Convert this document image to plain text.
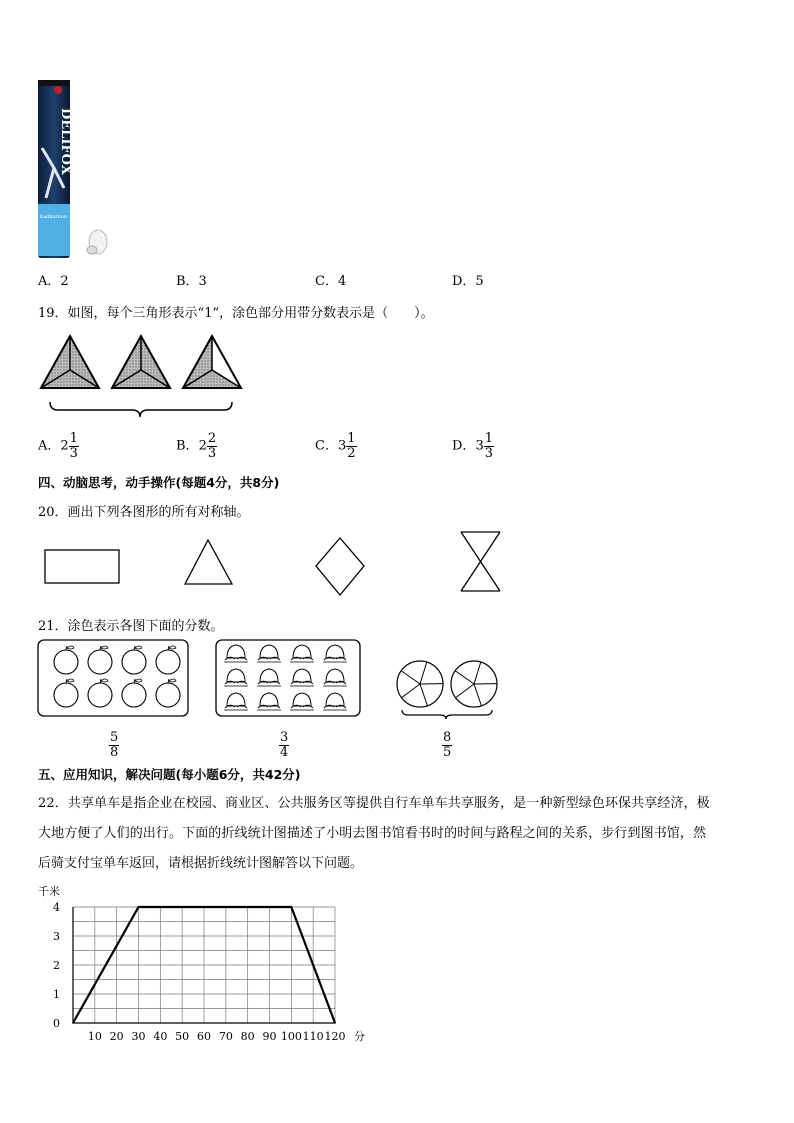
DELIFOX
badminton
A．2	B．3	C．4	D．5
19．如图，每个三角形表示“1”，涂色部分用带分数表示是（　　）。
A．$2 \frac{1}{3}$	B．$2 \frac{2}{3}$	C．$3 \frac{1}{2}$	D．$3 \frac{1}{3}$
四、动脑思考，动手操作(每题4分，共8分)
20．画出下列各图形的所有对称轴。
21．涂色表示各图下面的分数。
$\frac{5}{8}$	$\frac{3}{4}$	$\frac{8}{5}$
五、应用知识，解决问题(每小题6分，共42分)
22．共享单车是指企业在校园、商业区、公共服务区等提供自行车单车共享服务，是一种新型绿色环保共享经济，极
大地方便了人们的出行。下面的折线统计图描述了小明去图书馆看书时的时间与路程之间的关系，步行到图书馆，然
后骑支付宝单车返回，请根据折线统计图解答以下问题。
千米
分
0
1
2
3
4
10 20 30 40 50 60 70 80 90 100 110 120
